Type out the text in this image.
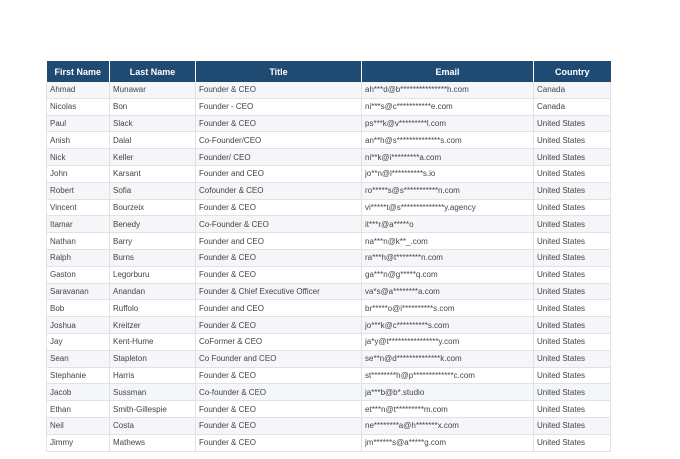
First Name	Last Name	Title	Email	Country
Ahmad	Munawar	Founder & CEO	ah***d@b***************h.com	Canada
Nicolas	Bon	Founder - CEO	ni***s@c***********e.com	Canada
Paul	Slack	Founder & CEO	ps***k@v*********l.com	United States
Anish	Dalal	Co-Founder/CEO	an**h@s**************s.com	United States
Nick	Keller	Founder/ CEO	ni**k@i*********a.com	United States
John	Karsant	Founder and CEO	jo**n@l**********s.io	United States
Robert	Sofia	Cofounder & CEO	ro*****s@s***********n.com	United States
Vincent	Bourzeix	Founder & CEO	vi*****t@s**************y.agency	United States
Itamar	Benedy	Co-Founder & CEO	it***r@a*****o	United States
Nathan	Barry	Founder and CEO	na***n@k**_.com	United States
Ralph	Burns	Founder & CEO	ra***h@t********n.com	United States
Gaston	Legorburu	Founder & CEO	ga***n@g*****q.com	United States
Saravanan	Anandan	Founder & Chief Executive Officer	va*s@a********a.com	United States
Bob	Ruffolo	Founder and CEO	br*****o@i**********s.com	United States
Joshua	Kreitzer	Founder & CEO	jo***k@c**********s.com	United States
Jay	Kent-Hume	CoFormer & CEO	ja*y@t****************y.com	United States
Sean	Stapleton	Co Founder and CEO	se**n@d**************k.com	United States
Stephanie	Harris	Founder & CEO	st********h@p*************c.com	United States
Jacob	Sussman	Co-founder & CEO	ja***b@b*.studio	United States
Ethan	Smith-Gillespie	Founder & CEO	et***n@t*********m.com	United States
Neil	Costa	Founder & CEO	ne********a@h*******x.com	United States
Jimmy	Mathews	Founder & CEO	jm******s@a*****g.com	United States
